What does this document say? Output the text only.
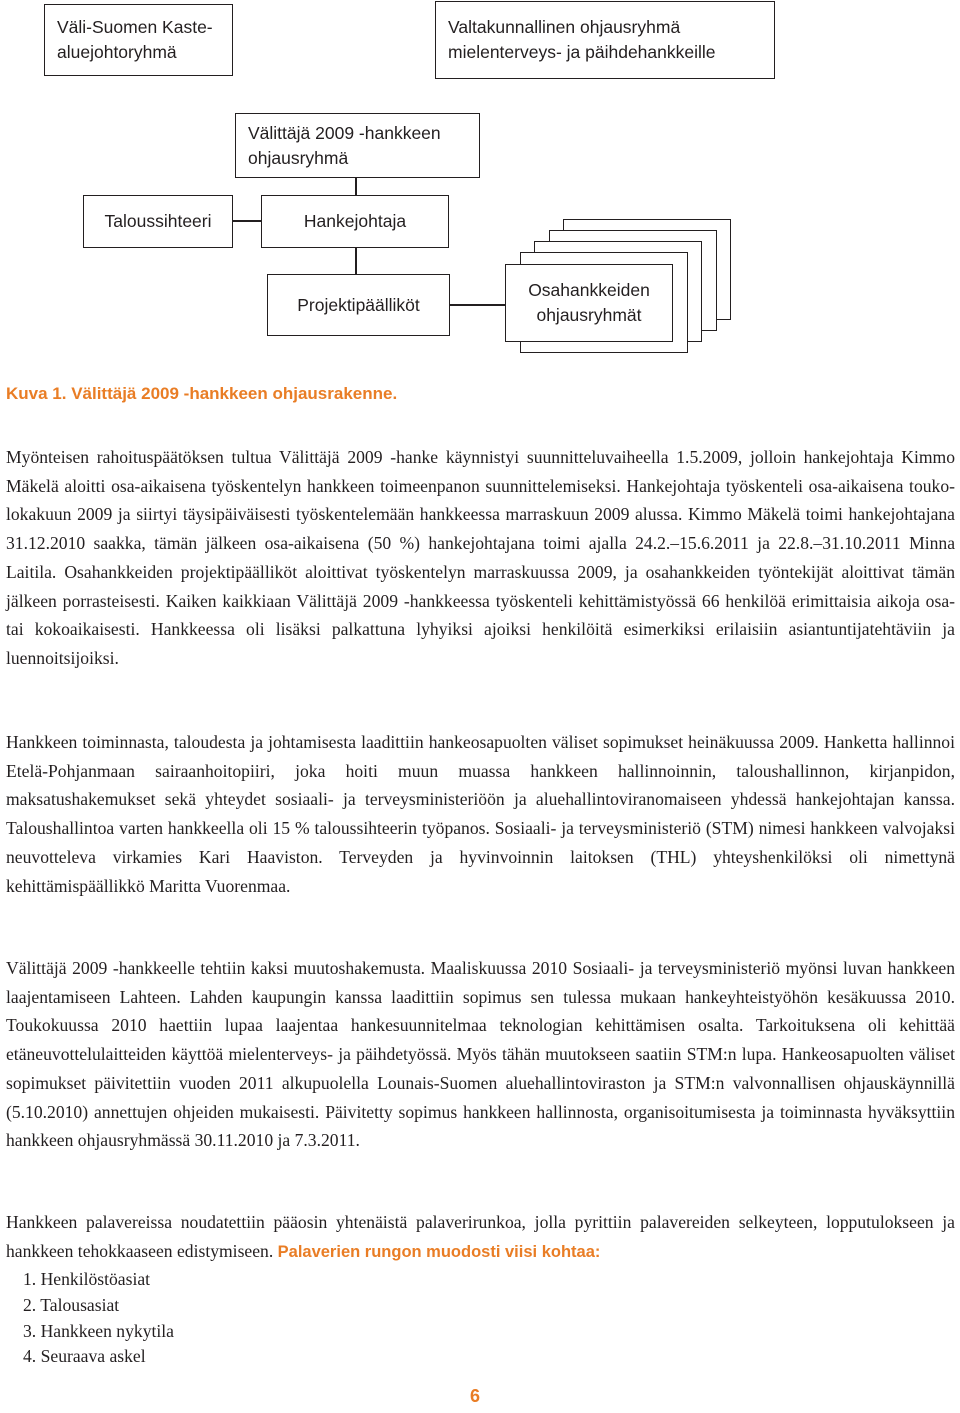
Väli-Suomen Kaste-
aluejohtoryhmä
Valtakunnallinen ohjausryhmä
mielenterveys- ja päihdehankkeille
Välittäjä 2009 -hankkeen
ohjausryhmä
Taloussihteeri	Hankejohtaja
Projektipäälliköt
Osahankkeiden
ohjausryhmät

Kuva 1. Välittäjä 2009 -hankkeen ohjausrakenne.

Myönteisen rahoituspäätöksen tultua Välittäjä 2009 -hanke käynnistyi suunnitteluvaiheella 1.5.2009, jolloin hankejohtaja Kimmo Mäkelä aloitti osa-aikaisena työskentelyn hankkeen toimeenpanon suunnittelemiseksi. Hankejohtaja työskenteli osa-aikaisena touko-lokakuun 2009 ja siirtyi täysipäiväisesti työskentelemään hankkeessa marraskuun 2009 alussa. Kimmo Mäkelä toimi hankejohtajana 31.12.2010 saakka, tämän jälkeen osa-aikaisena (50 %) hankejohtajana toimi ajalla 24.2.–15.6.2011 ja 22.8.–31.10.2011 Minna Laitila. Osahankkeiden projektipäälliköt aloittivat työskentelyn marraskuussa 2009, ja osahankkeiden työntekijät aloittivat tämän jälkeen porrasteisesti. Kaiken kaikkiaan Välittäjä 2009 -hankkeessa työskenteli kehittämistyössä 66 henkilöä erimittaisia aikoja osa- tai kokoaikaisesti. Hankkeessa oli lisäksi palkattuna lyhyiksi ajoiksi henkilöitä esimerkiksi erilaisiin asiantuntijatehtäviin ja luennoitsijoiksi.

Hankkeen toiminnasta, taloudesta ja johtamisesta laadittiin hankeosapuolten väliset sopimukset heinäkuussa 2009. Hanketta hallinnoi Etelä-Pohjanmaan sairaanhoitopiiri, joka hoiti muun muassa hankkeen hallinnoinnin, taloushallinnon, kirjanpidon, maksatushakemukset sekä yhteydet sosiaali- ja terveysministeriöön ja aluehallintoviranomaiseen yhdessä hankejohtajan kanssa. Taloushallintoa varten hankkeella oli 15 % taloussihteerin työpanos. Sosiaali- ja terveysministeriö (STM) nimesi hankkeen valvojaksi neuvotteleva virkamies Kari Haaviston. Terveyden ja hyvinvoinnin laitoksen (THL) yhteyshenkilöksi oli nimettynä kehittämispäällikkö Maritta Vuorenmaa.

Välittäjä 2009 -hankkeelle tehtiin kaksi muutoshakemusta. Maaliskuussa 2010 Sosiaali- ja terveysministeriö myönsi luvan hankkeen laajentamiseen Lahteen. Lahden kaupungin kanssa laadittiin sopimus sen tulessa mukaan hankeyhteistyöhön kesäkuussa 2010. Toukokuussa 2010 haettiin lupaa laajentaa hankesuunnitelmaa teknologian kehittämisen osalta. Tarkoituksena oli kehittää etäneuvottelulaitteiden käyttöä mielenterveys- ja päihdetyössä. Myös tähän muutokseen saatiin STM:n lupa. Hankeosapuolten väliset sopimukset päivitettiin vuoden 2011 alkupuolella Lounais-Suomen aluehallintoviraston ja STM:n valvonnallisen ohjauskäynnillä (5.10.2010) annettujen ohjeiden mukaisesti. Päivitetty sopimus hankkeen hallinnosta, organisoitumisesta ja toiminnasta hyväksyttiin hankkeen ohjausryhmässä 30.11.2010 ja 7.3.2011.

Hankkeen palavereissa noudatettiin pääosin yhtenäistä palaverirunkoa, jolla pyrittiin palavereiden selkeyteen, lopputulokseen ja hankkeen tehokkaaseen edistymiseen. Palaverien rungon muodosti viisi kohtaa:

1. Henkilöstöasiat
2. Talousasiat
3. Hankkeen nykytila
4. Seuraava askel
6
